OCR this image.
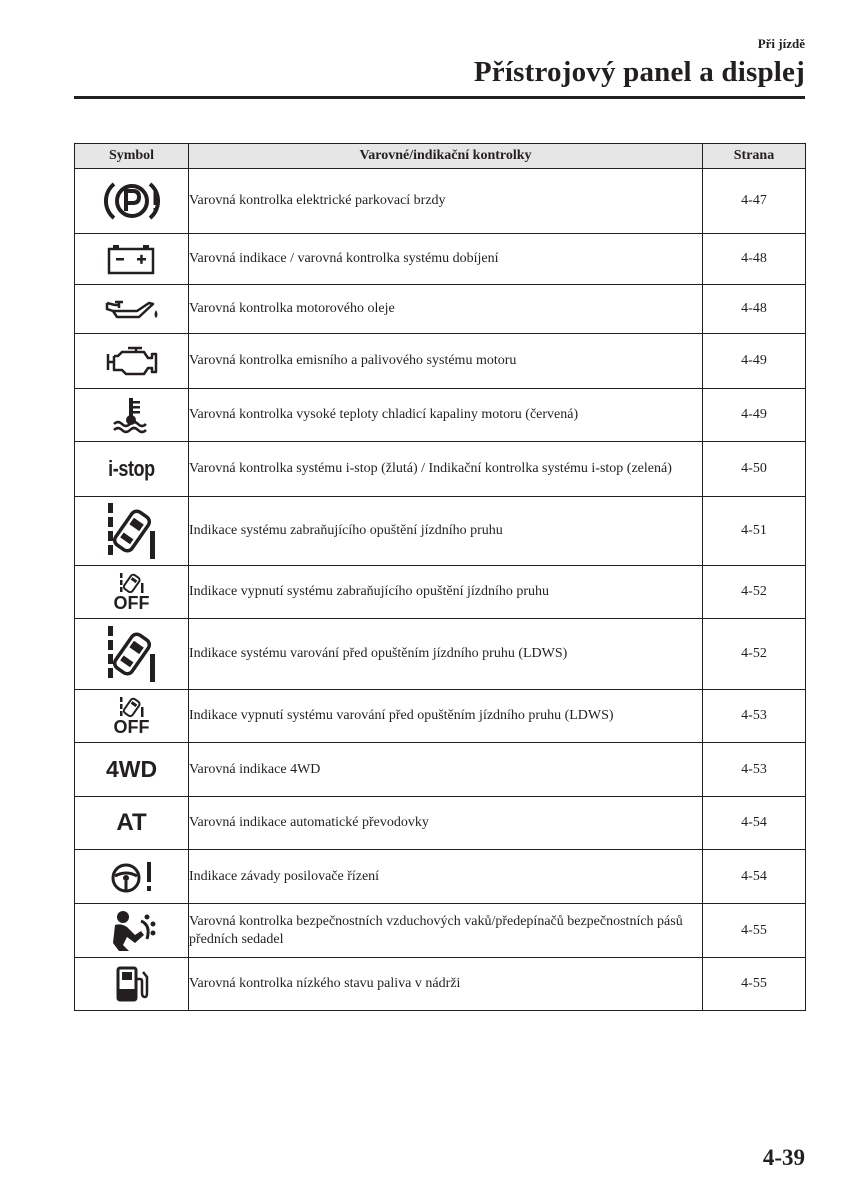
Při jízdě
Přístrojový panel a displej
Symbol	Varovné/indikační kontrolky	Strana

	Varovná kontrolka elektrické parkovací brzdy	4-47

	Varovná indikace / varovná kontrolka systému dobíjení	4-48

	Varovná kontrolka motorového oleje	4-48

	Varovná kontrolka emisního a palivového systému motoru	4-49

	Varovná kontrolka vysoké teploty chladicí kapaliny motoru (červená)	4-49
i-stop	Varovná kontrolka systému i-stop (žlutá) / Indikační kontrolka systému i-stop (zelená)	4-50

	Indikace systému zabraňujícího opuštění jízdního pruhu	4-51

OFF	Indikace vypnutí systému zabraňujícího opuštění jízdního pruhu	4-52

	Indikace systému varování před opuštěním jízdního pruhu (LDWS)	4-52

OFF	Indikace vypnutí systému varování před opuštěním jízdního pruhu (LDWS)	4-53
4WD	Varovná indikace 4WD	4-53
AT	Varovná indikace automatické převodovky	4-54

	Indikace závady posilovače řízení	4-54

	Varovná kontrolka bezpečnostních vzduchových vaků/předepínačů bezpečnostních pásů předních sedadel	4-55

	Varovná kontrolka nízkého stavu paliva v nádrži	4-55
4-39
